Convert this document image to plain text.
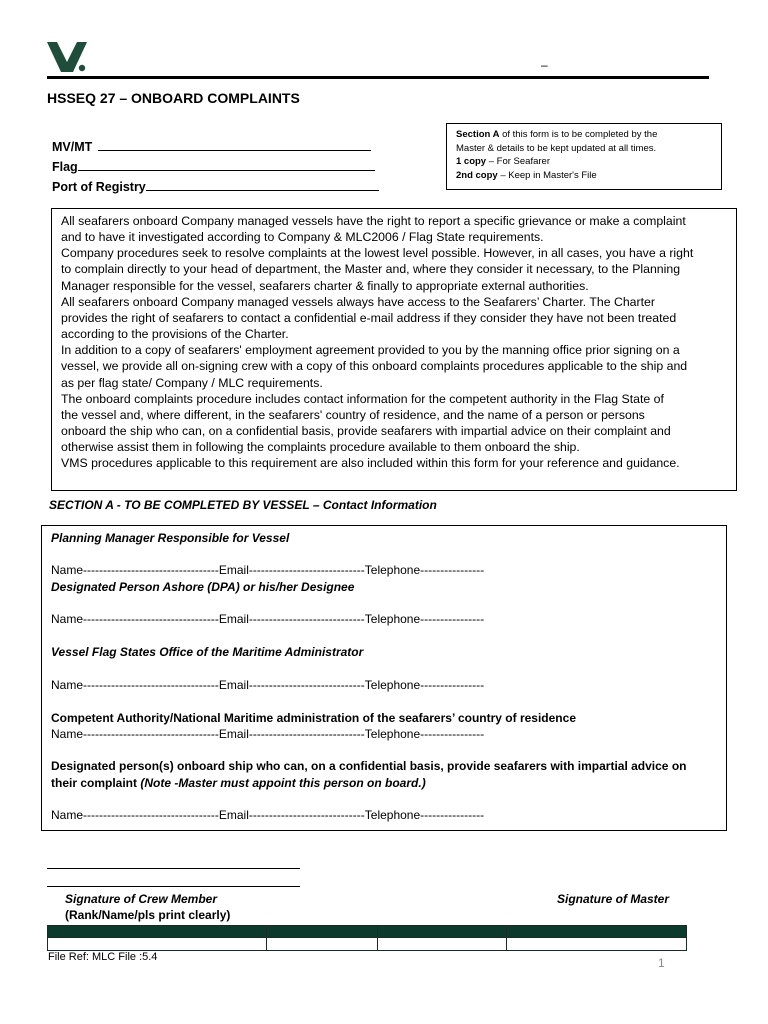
–
HSSEQ 27 – ONBOARD COMPLAINTS
MV/MT
Flag
Port of Registry
Section A of this form is to be completed by the
Master & details to be kept updated at all times.
1 copy – For Seafarer
2nd copy – Keep in Master's File

All seafarers onboard Company managed vessels have the right to report a specific grievance or make a complaint

and to have it investigated according to Company & MLC2006 / Flag State requirements.

Company procedures seek to resolve complaints at the lowest level possible. However, in all cases, you have a right

to complain directly to your head of department, the Master and, where they consider it necessary, to the Planning

Manager responsible for the vessel, seafarers charter & finally to appropriate external authorities.

All seafarers onboard Company managed vessels always have access to the Seafarers’ Charter. The Charter

provides the right of seafarers to contact a confidential e-mail address if they consider they have not been treated

according to the provisions of the Charter.

In addition to a copy of seafarers' employment agreement provided to you by the manning office prior signing on a

vessel, we provide all on-signing crew with a copy of this onboard complaints procedures applicable to the ship and

as per flag state/ Company / MLC requirements.

The onboard complaints procedure includes contact information for the competent authority in the Flag State of

the vessel and, where different, in the seafarers' country of residence, and the name of a person or persons

onboard the ship who can, on a confidential basis, provide seafarers with impartial advice on their complaint and

otherwise assist them in following the complaints procedure available to them onboard the ship.

VMS procedures applicable to this requirement are also included within this form for your reference and guidance.

SECTION A - TO BE COMPLETED BY VESSEL – Contact Information
Planning Manager Responsible for Vessel
Name----------------------------------Email-----------------------------Telephone----------------
Designated Person Ashore (DPA) or his/her Designee
Name----------------------------------Email-----------------------------Telephone----------------
Vessel Flag States Office of the Maritime Administrator
Name----------------------------------Email-----------------------------Telephone----------------
Competent Authority/National Maritime administration of the seafarers’ country of residence
Name----------------------------------Email-----------------------------Telephone----------------
Designated person(s) onboard ship who can, on a confidential basis, provide seafarers with impartial advice on
their complaint (Note -Master must appoint this person on board.)
Name----------------------------------Email-----------------------------Telephone----------------
Signature of Crew Member
(Rank/Name/pls print clearly)
Signature of Master

File Ref: MLC File :5.4	1
